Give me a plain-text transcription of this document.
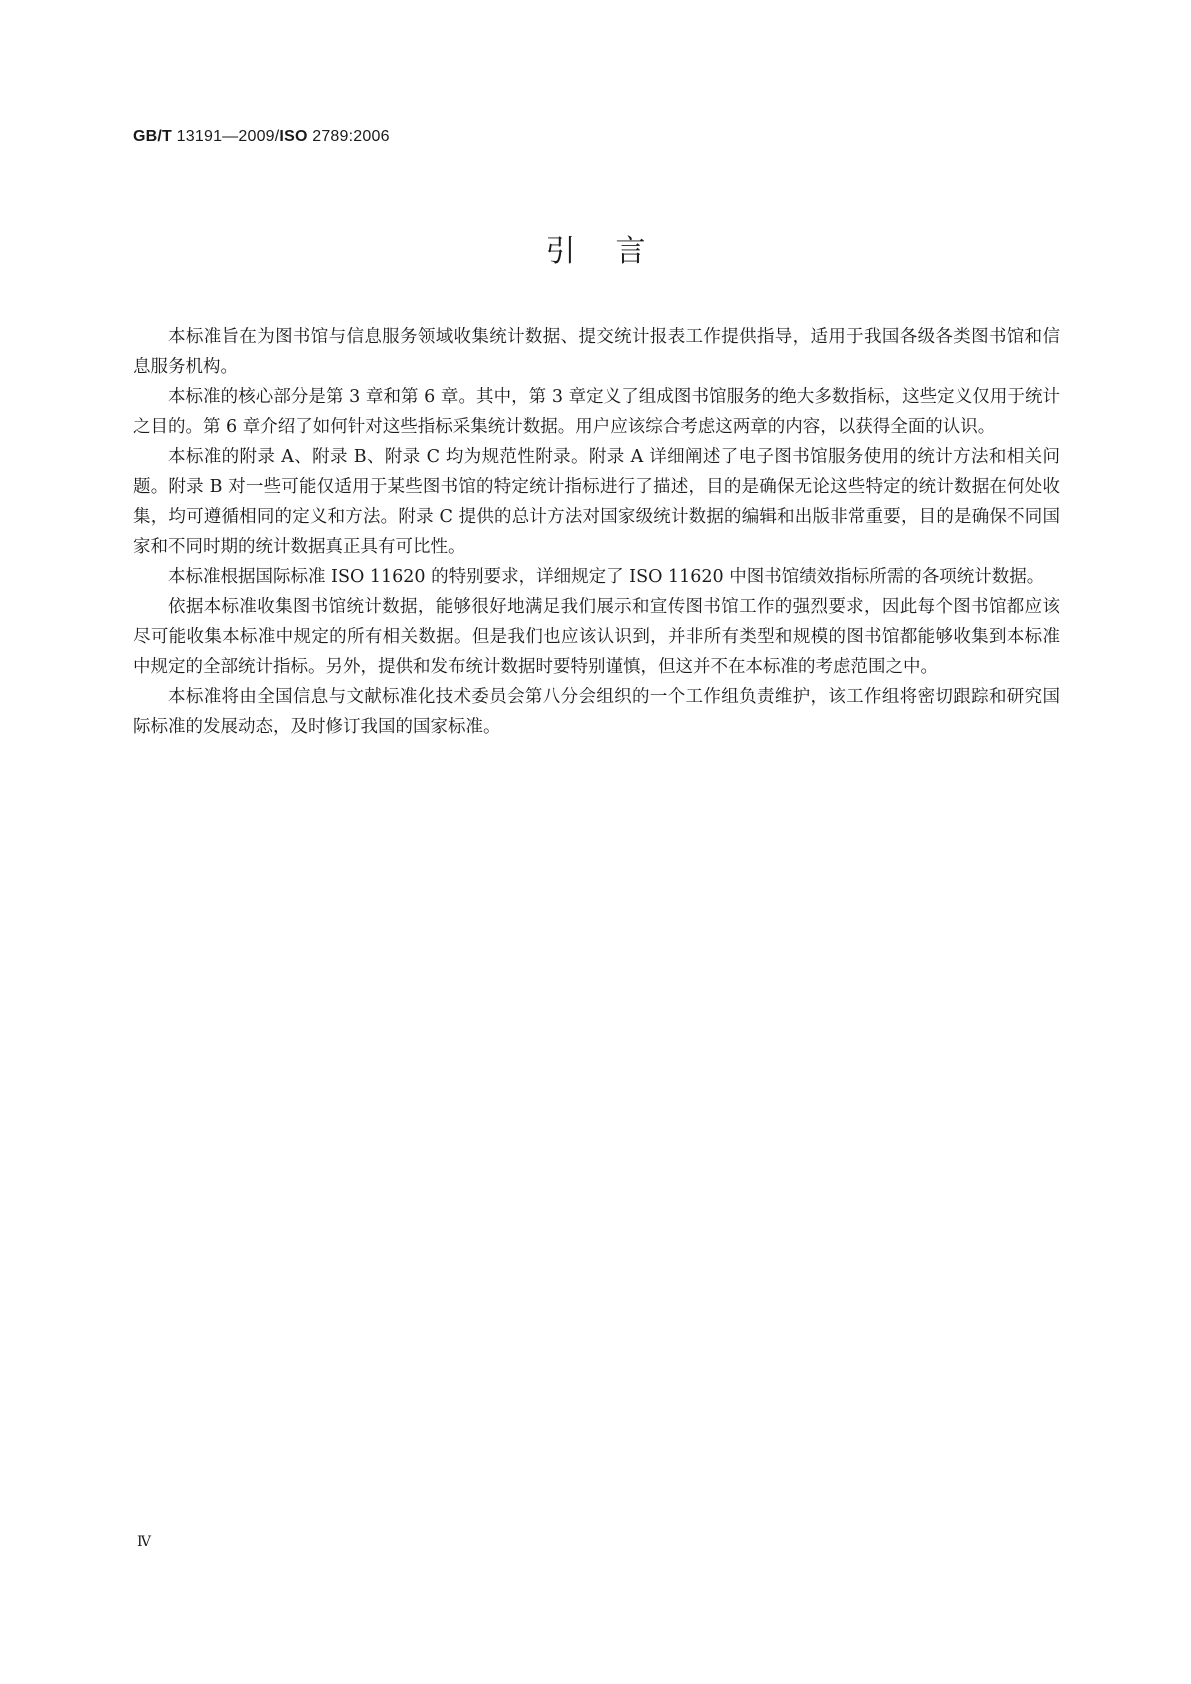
GB/T 13191—2009/ISO 2789:2006
引言

本标准旨在为图书馆与信息服务领域收集统计数据、提交统计报表工作提供指导，适用于我国各级各类图书馆和信息服务机构。

本标准的核心部分是第 3 章和第 6 章。其中，第 3 章定义了组成图书馆服务的绝大多数指标，这些定义仅用于统计之目的。第 6 章介绍了如何针对这些指标采集统计数据。用户应该综合考虑这两章的内容，以获得全面的认识。

本标准的附录 A、附录 B、附录 C 均为规范性附录。附录 A 详细阐述了电子图书馆服务使用的统计方法和相关问题。附录 B 对一些可能仅适用于某些图书馆的特定统计指标进行了描述，目的是确保无论这些特定的统计数据在何处收集，均可遵循相同的定义和方法。附录 C 提供的总计方法对国家级统计数据的编辑和出版非常重要，目的是确保不同国家和不同时期的统计数据真正具有可比性。

本标准根据国际标准 ISO 11620 的特别要求，详细规定了 ISO 11620 中图书馆绩效指标所需的各项统计数据。

依据本标准收集图书馆统计数据，能够很好地满足我们展示和宣传图书馆工作的强烈要求，因此每个图书馆都应该尽可能收集本标准中规定的所有相关数据。但是我们也应该认识到，并非所有类型和规模的图书馆都能够收集到本标准中规定的全部统计指标。另外，提供和发布统计数据时要特别谨慎，但这并不在本标准的考虑范围之中。

本标准将由全国信息与文献标准化技术委员会第八分会组织的一个工作组负责维护，该工作组将密切跟踪和研究国际标准的发展动态，及时修订我国的国家标准。

Ⅳ
